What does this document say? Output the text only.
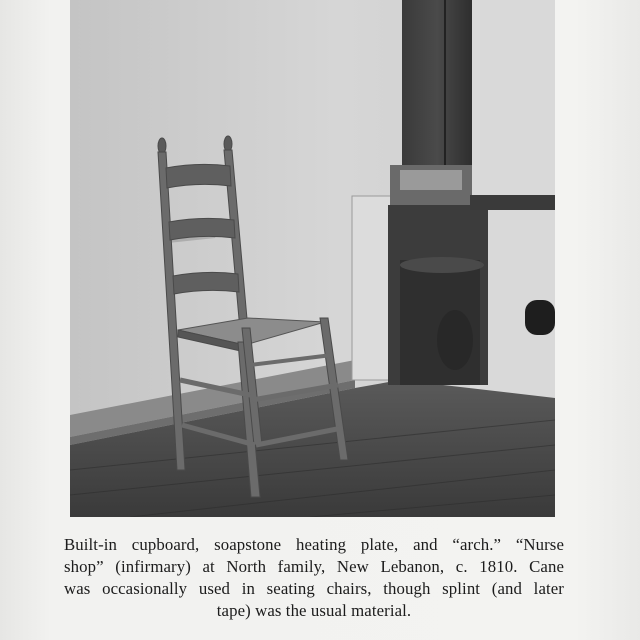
Built-in cupboard, soapstone heating plate, and “arch.” “Nurse
shop” (infirmary) at North family, New Lebanon, c. 1810. Cane
was occasionally used in seating chairs, though splint (and later
tape) was the usual material.
